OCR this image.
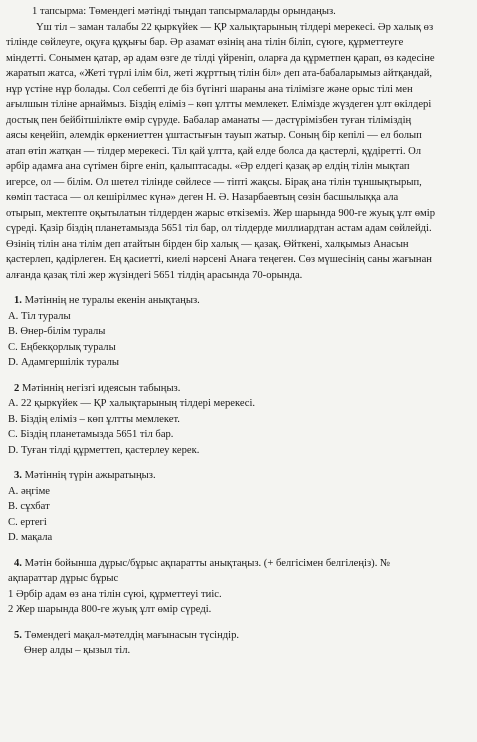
1 тапсырма: Төмендегі мәтінді тыңдап тапсырмаларды орындаңыз.
Үш тіл – заман талабы 22 қыркүйек — ҚР халықтарының тілдері мерекесі. Әр халық өз
тілінде сөйлеуге, оқуға құқығы бар. Әр азамат өзінің ана тілін біліп, сүюге, құрметтеуге
міндетті. Сонымен қатар, әр адам өзге де тілді үйреніп, оларға да құрметпен қарап, өз кәдесіне
жаратып жатса, «Жеті түрлі ілім біл, жеті жұрттың тілін біл» деп ата-бабаларымыз айтқандай,
нұр үстіне нұр болады. Сол себепті де біз бүгінгі шараны ана тілімізге және орыс тілі мен
ағылшын тіліне арнаймыз. Біздің еліміз – көп ұлтты мемлекет. Елімізде жүздеген ұлт өкілдері
достық пен бейбітшілікте өмір сүруде. Бабалар аманаты — дәстүрімізбен туған тіліміздің
аясы кеңейіп, әлемдік өркениеттен ұштастығын тауып жатыр. Соның бір кепілі — ел болып
атап өтіп жатқан — тілдер мерекесі. Тіл қай ұлтта, қай елде болса да қастерлі, құдіретті. Ол
әрбір адамға ана сүтімен бірге еніп, қалыптасады. «Әр елдегі қазақ әр елдің тілін мықтап
игерсе, ол — білім. Ол шетел тілінде сөйлесе — тіпті жақсы. Бірақ ана тілін тұншықтырып,
көмiп тастаса — ол кешірілмес күнә» деген Н. Ә. Назарбаевтың сөзін басшылыққа ала
отырып, мектепте оқытылатын тілдерден жарыс өткіземіз. Жер шарында 900-ге жуық ұлт өмір
сүреді. Қазір біздің планетамызда 5651 тіл бар, ол тілдерде миллиардтан астам адам сөйлейді.
Өзінің тілін ана тілім деп атайтын бірден бір халық — қазақ. Өйткені, халқымыз Анасын
қастерлеп, қадірлеген. Ең қасиетті, киелі нәрсені Анаға теңеген. Сөз мүшесінің саны жағынан
алғанда қазақ тілі жер жүзіндегі 5651 тілдің арасында 70-орында.
1. Мәтіннің не туралы екенін анықтаңыз.
A. Тіл туралы
B. Өнер-білім туралы
C. Еңбекқорлық туралы
D. Адамгершілік туралы
2 Мәтіннің негізгі идеясын табыңыз.
A. 22 қыркүйек — ҚР халықтарының тілдері мерекесі.
B. Біздің еліміз – көп ұлтты мемлекет.
C. Біздің планетамызда 5651 тіл бар.
D. Туған тілді құрметтеп, қастерлеу керек.
3. Мәтіннің түрін ажыратыңыз.
A. әңгіме
B. сұхбат
C. ертегі
D. мақала
4. Мәтін бойынша дұрыс/бұрыс ақпаратты анықтаңыз. (+ белгісімен белгілеңіз). №
ақпараттар дұрыс бұрыс
1 Әрбір адам өз ана тілін сүюі, құрметтеуі тиіс.
2 Жер шарында 800-ге жуық ұлт өмір сүреді.
5. Төмендегі мақал-мәтелдің мағынасын түсіндір.
Өнер алды – қызыл тіл.
